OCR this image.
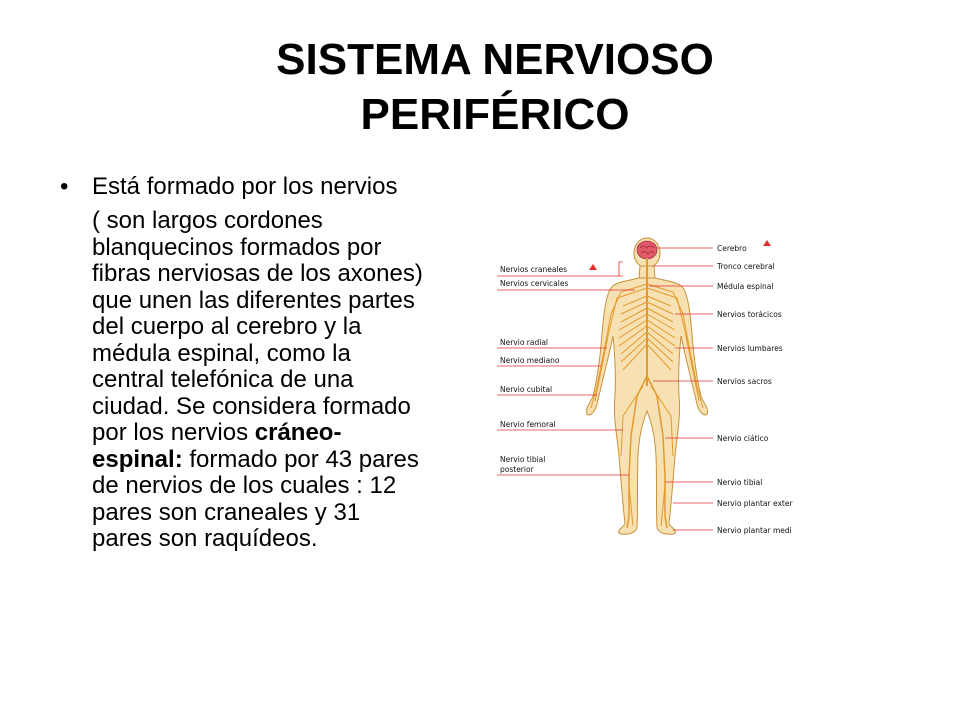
SISTEMA NERVIOSO
PERIFÉRICO

• Está formado por los nervios

( son largos cordones
blanquecinos formados por
fibras nerviosas de los axones)
que unen las diferentes partes
del cuerpo al cerebro y la
médula espinal, como la
central telefónica de una
ciudad. Se considera formado
por los nervios cráneo-
espinal: formado por 43 pares
de nervios de los cuales : 12
pares son craneales y 31
pares son raquídeos.
Cerebro
Tronco cerebral
Médula espinal
Nervios torácicos
Nervios lumbares
Nervios sacros
Nervio ciático
Nervio tibial
Nervio plantar exter
Nervio plantar medi
Nervios craneales
Nervios cervicales
Nervio radial
Nervio mediano
Nervio cubital
Nervio femoral
Nervio tibial
posterior
